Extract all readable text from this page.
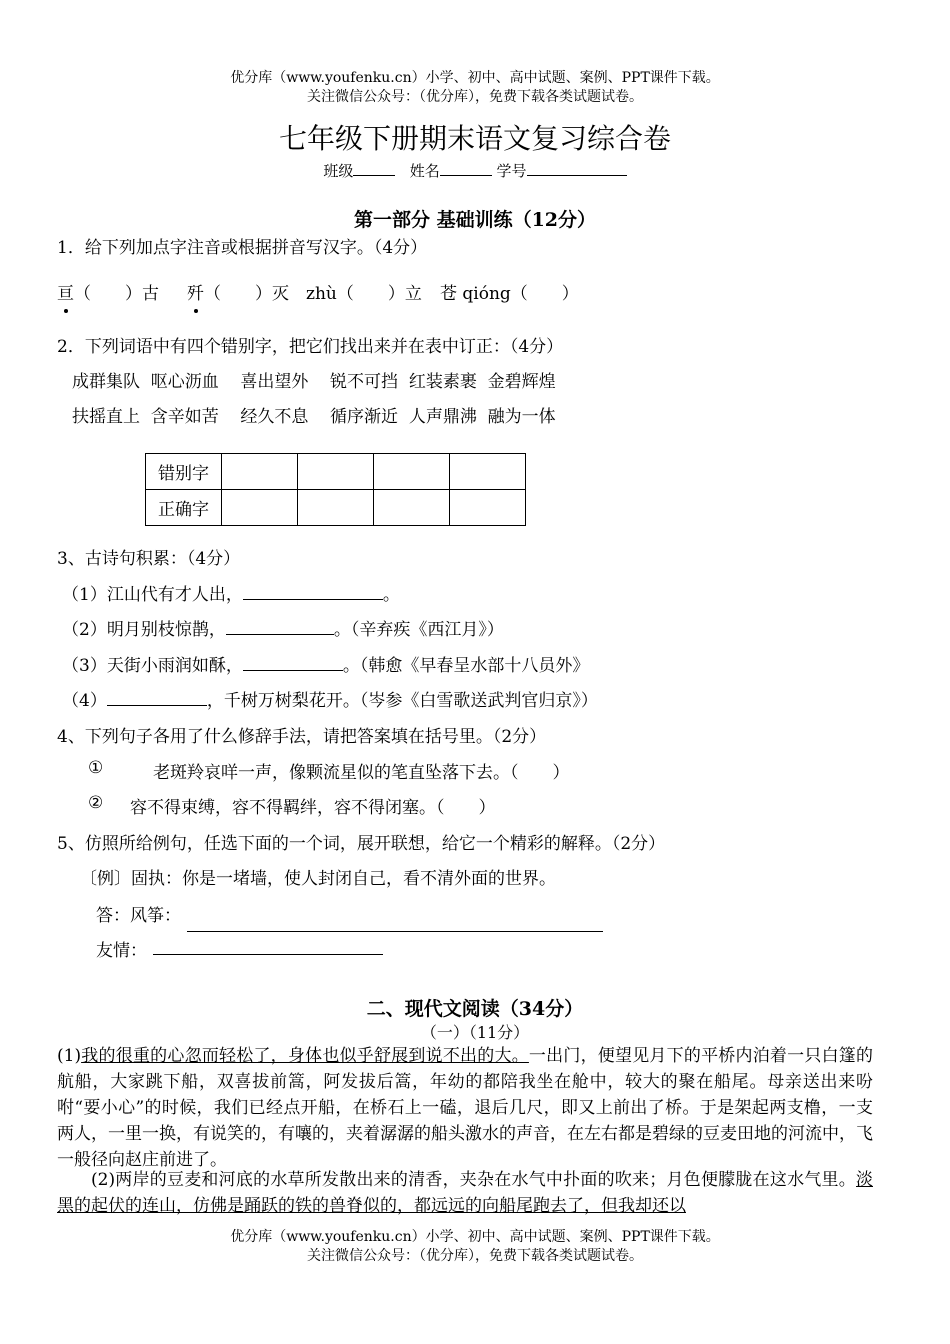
优分库（www.youfenku.cn）小学、初中、高中试题、案例、PPT课件下载。
关注微信公众号：（优分库），免费下载各类试题试卷。
七年级下册期末语文复习综合卷
班级	姓名	学号
第一部分 基础训练（12分）
1．给下列加点字注音或根据拼音写汉字。（4分）
亘（　　）古 歼（　　）灭 zhù（　　）立 苍 qióng（　　）
2．下列词语中有四个错别字，把它们找出来并在表中订正：（4分）
成群集队  呕心沥血    喜出望外    锐不可挡  红装素裹  金碧辉煌
扶摇直上  含辛如苦    经久不息    循序渐近  人声鼎沸  融为一体
错别字				
正确字				
3、古诗句积累：（4分）
（1）江山代有才人出，	。
（2）明月别枝惊鹊，	。（辛弃疾《西江月》）
（3）天街小雨润如酥，	。（韩愈《早春呈水部十八员外》
（4）	，千树万树梨花开。（岑参《白雪歌送武判官归京》）
4、下列句子各用了什么修辞手法，请把答案填在括号里。（2分）
①	老斑羚哀咩一声，像颗流星似的笔直坠落下去。（　　）
② 容不得束缚，容不得羁绊，容不得闭塞。（　　）
5、仿照所给例句，任选下面的一个词，展开联想，给它一个精彩的解释。（2分）
〔例〕固执：你是一堵墙，使人封闭自己，看不清外面的世界。
答：风筝：
友情：
二、现代文阅读（34分）
（一）（11分）
(1)我的很重的心忽而轻松了，身体也似乎舒展到说不出的大。一出门，便望见月下的平桥内泊着一只白篷的航船，大家跳下船，双喜拔前篙，阿发拔后篙，年幼的都陪我坐在舱中，较大的聚在船尾。母亲送出来吩咐“要小心”的时候，我们已经点开船，在桥石上一磕，退后几尺，即又上前出了桥。于是架起两支橹，一支两人，一里一换，有说笑的，有嚷的，夹着潺潺的船头激水的声音，在左右都是碧绿的豆麦田地的河流中，飞一般径向赵庄前进了。
(2)两岸的豆麦和河底的水草所发散出来的清香，夹杂在水气中扑面的吹来；月色便朦胧在这水气里。淡黑的起伏的连山，仿佛是踊跃的铁的兽脊似的，都远远的向船尾跑去了，但我却还以
优分库（www.youfenku.cn）小学、初中、高中试题、案例、PPT课件下载。
关注微信公众号：（优分库），免费下载各类试题试卷。
